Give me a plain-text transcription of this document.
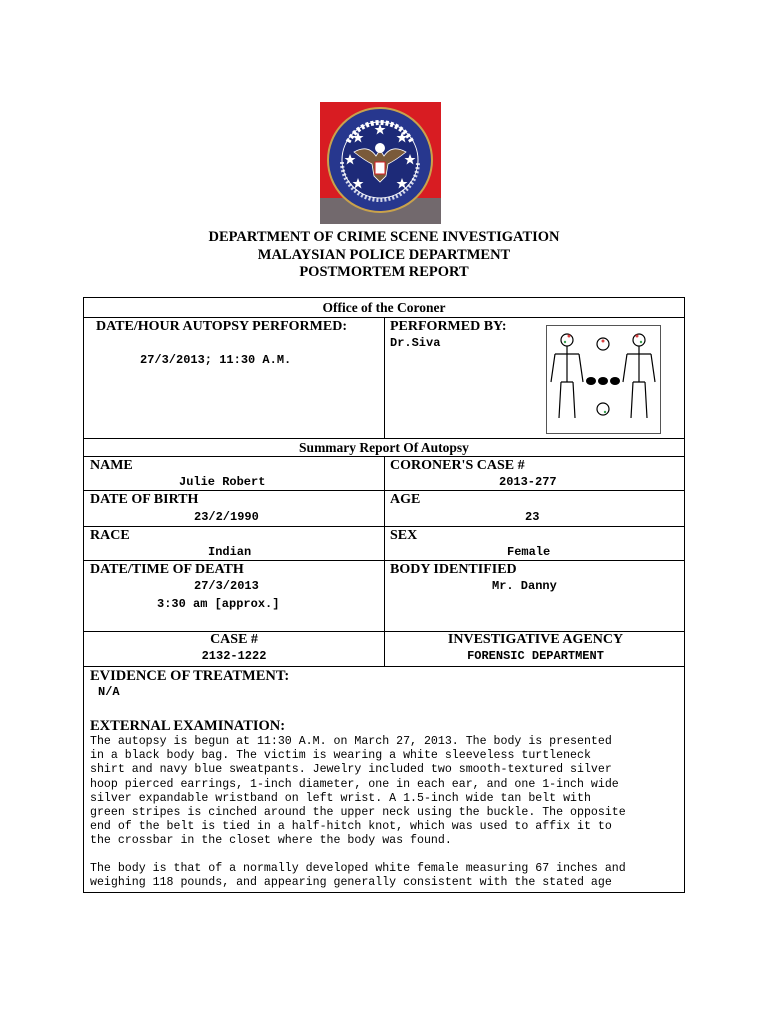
DEPARTMENT OF CRIME SCENE INVESTIGATION
MALAYSIAN POLICE DEPARTMENT
POSTMORTEM REPORT
Office of the Coroner
DATE/HOUR AUTOPSY PERFORMED:
27/3/2013; 11:30 A.M.
PERFORMED BY:
Dr.Siva
Summary Report Of Autopsy
NAME
Julie Robert
CORONER'S CASE #
2013-277
DATE OF BIRTH
23/2/1990
AGE
23
RACE
Indian
SEX
Female
DATE/TIME OF DEATH
27/3/2013
3:30 am [approx.]
BODY IDENTIFIED
Mr. Danny
CASE #
2132-1222
INVESTIGATIVE AGENCY
FORENSIC DEPARTMENT
EVIDENCE OF TREATMENT:
N/A
EXTERNAL EXAMINATION:
The autopsy is begun at 11:30 A.M. on March 27, 2013. The body is presented
in a black body bag. The victim is wearing a white sleeveless turtleneck
shirt and navy blue sweatpants. Jewelry included two smooth-textured silver
hoop pierced earrings, 1-inch diameter, one in each ear, and one 1-inch wide
silver expandable wristband on left wrist. A 1.5-inch wide tan belt with
green stripes is cinched around the upper neck using the buckle. The opposite
end of the belt is tied in a half-hitch knot, which was used to affix it to
the crossbar in the closet where the body was found.
The body is that of a normally developed white female measuring 67 inches and
weighing 118 pounds, and appearing generally consistent with the stated age
